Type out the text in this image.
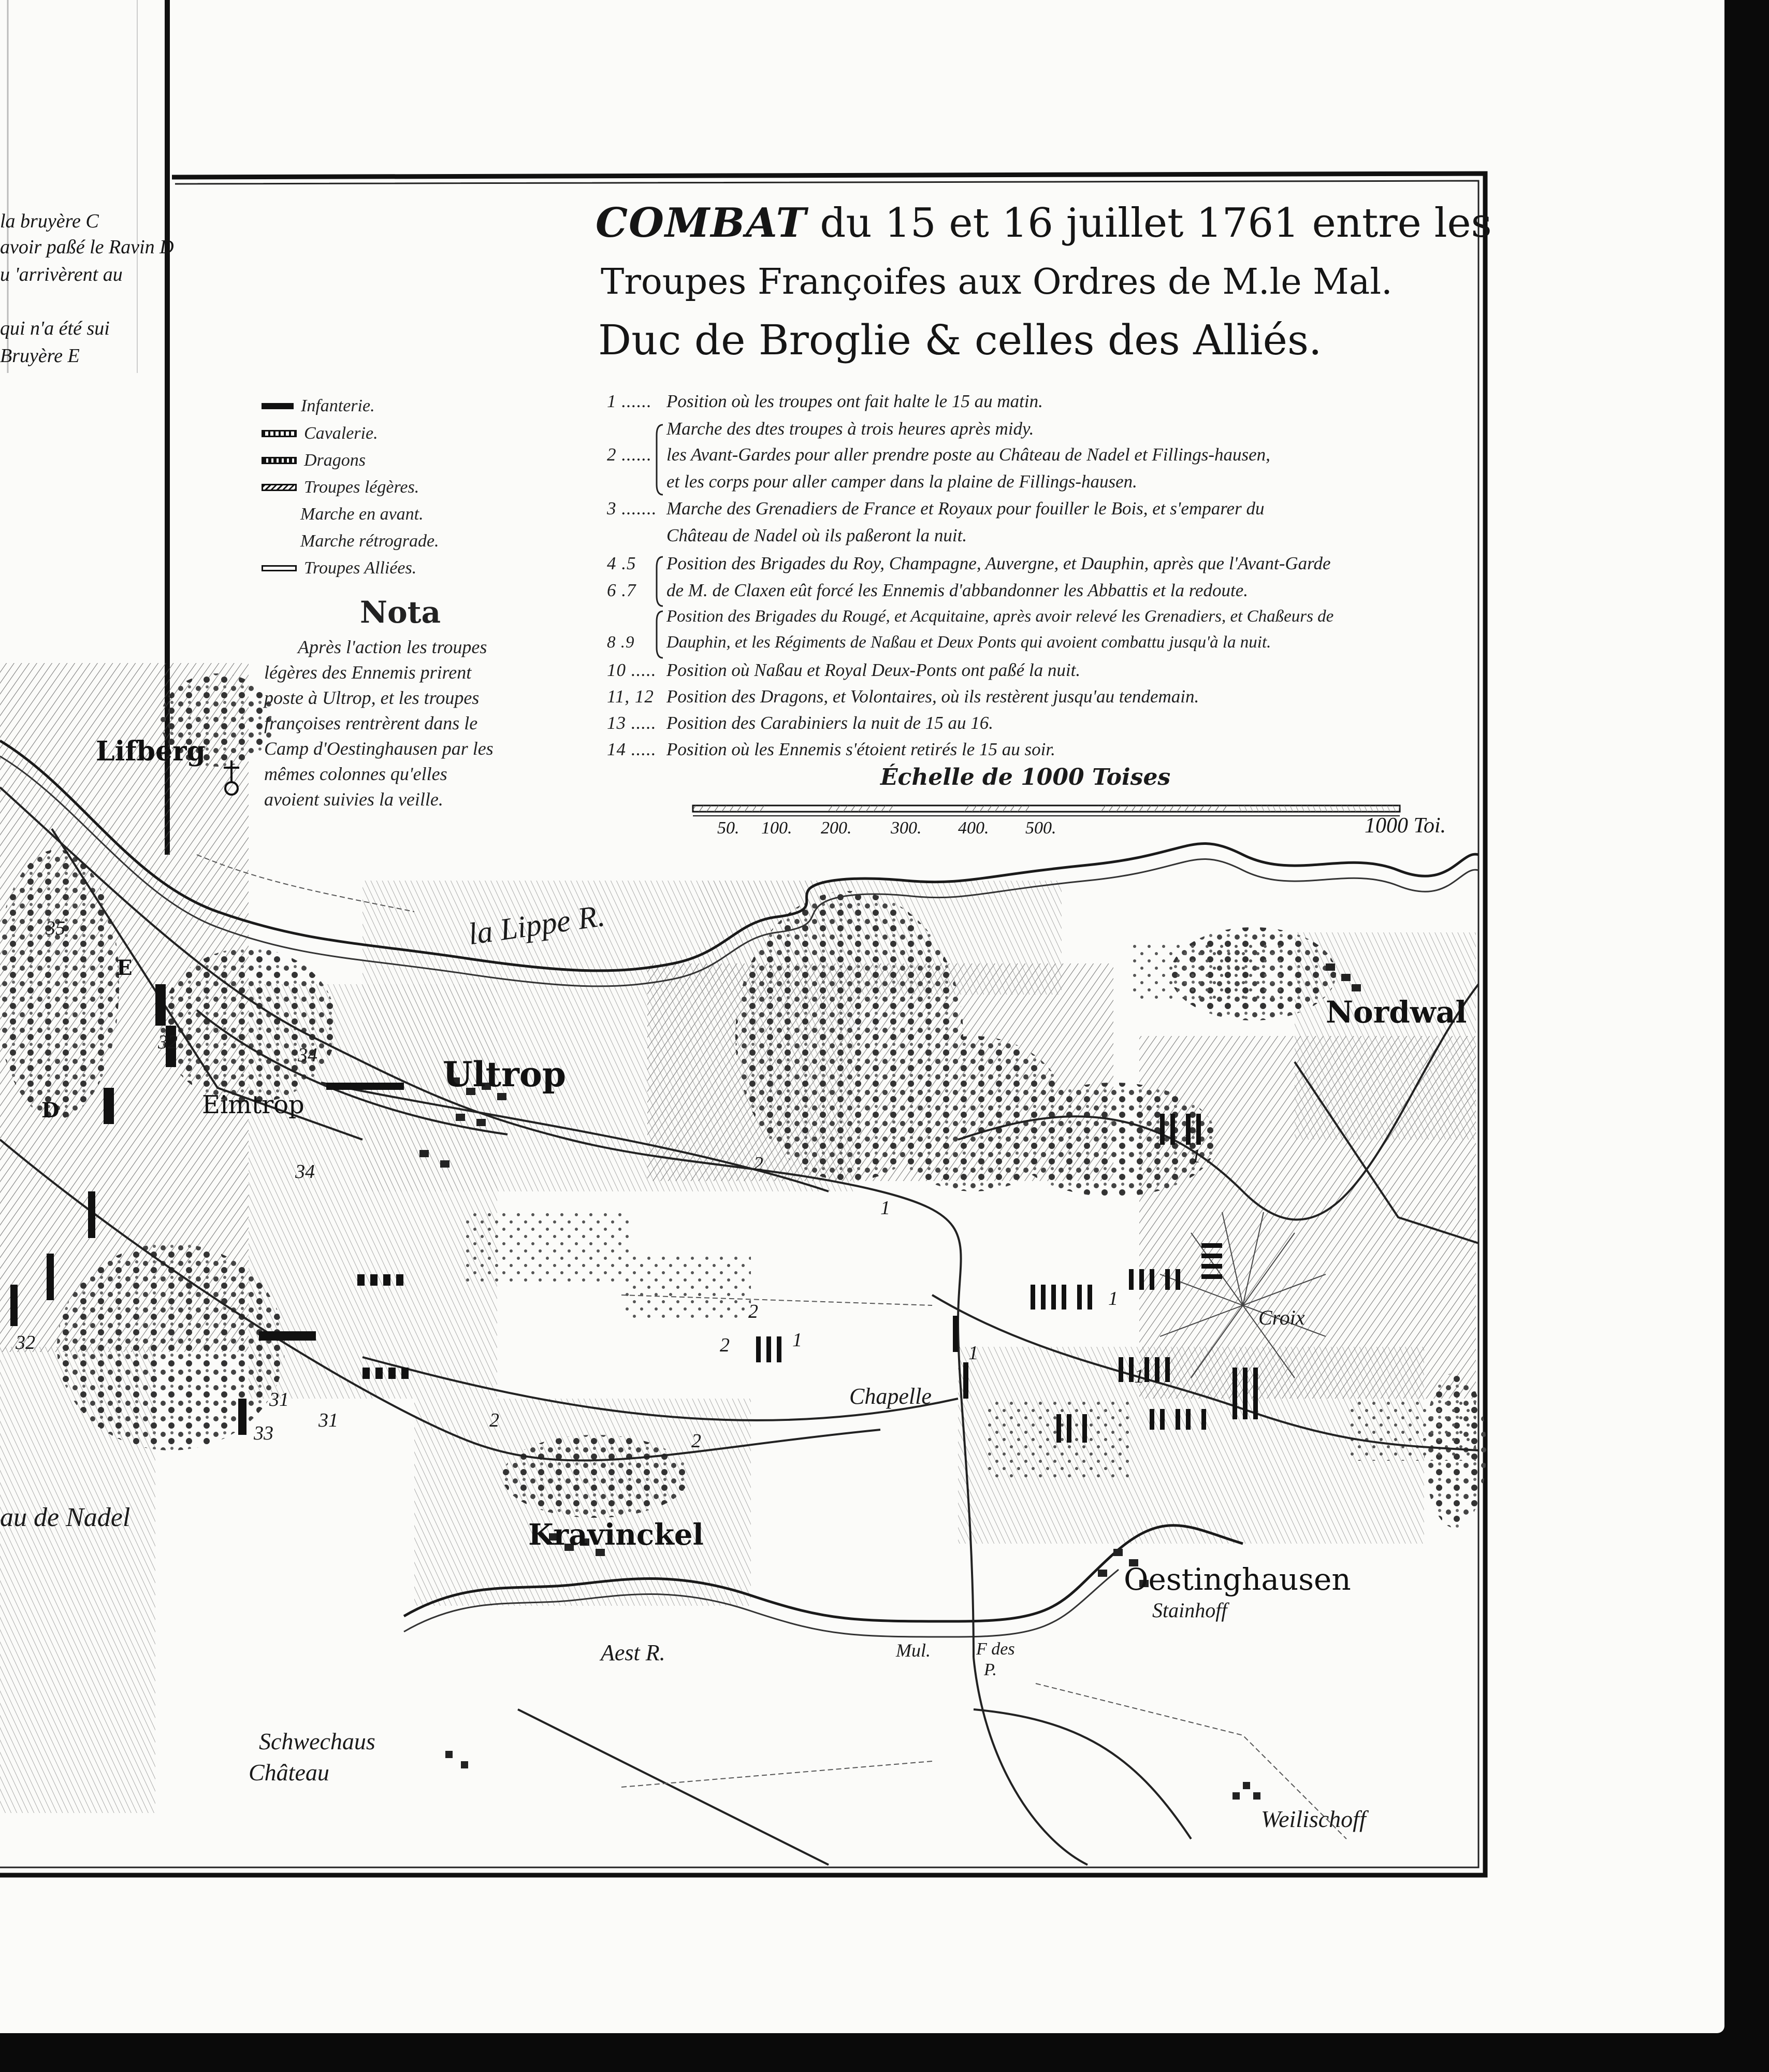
la bruyère C
avoir paßé le Ravin D
u 'arrivèrent au
qui n'a été sui
Bruyère E
COMBAT du 15 et 16 juillet 1761 entre les
Troupes Françoifes aux Ordres de M.le Mal.
Duc de Broglie & celles des Alliés.
Infanterie.
Cavalerie.
Dragons
Troupes légères.
Marche en avant.
Marche rétrograde.
Troupes Alliées.
Nota
Après l'action les troupes
légères des Ennemis prirent
poste à Ultrop, et les troupes
françoises rentrèrent dans le
Camp d'Oestinghausen par les
mêmes colonnes qu'elles
avoient suivies la veille.
1 ...... Position où les troupes ont fait halte le 15 au matin.
Marche des dtes troupes à trois heures après midy.
2 ...... les Avant-Gardes pour aller prendre poste au Château de Nadel et Fillings-hausen,
et les corps pour aller camper dans la plaine de Fillings-hausen.
3 ....... Marche des Grenadiers de France et Royaux pour fouiller le Bois, et s'emparer du
Château de Nadel où ils paßeront la nuit.
4 .5 Position des Brigades du Roy, Champagne, Auvergne, et Dauphin, après que l'Avant-Garde
6 .7 de M. de Claxen eût forcé les Ennemis d'abbandonner les Abbattis et la redoute.
Position des Brigades du Rougé, et Acquitaine, après avoir relevé les Grenadiers, et Chaßeurs de
8 .9 Dauphin, et les Régiments de Naßau et Deux Ponts qui avoient combattu jusqu'à la nuit.
10 ..... Position où Naßau et Royal Deux-Ponts ont paßé la nuit.
11, 12 Position des Dragons, et Volontaires, où ils restèrent jusqu'au tendemain.
13 ..... Position des Carabiniers la nuit de 15 au 16.
14 ..... Position où les Ennemis s'étoient retirés le 15 au soir.
Échelle de 1000 Toises
50. 100. 200. 300. 400. 500.	1000 Toi.
Lifberg
la Lippe R.
Ultrop
Eimtrop
Nordwal
Kravinckel
Oestinghausen
Stainhoff
Chapelle
Croix
Aest R.
au de Nadel
Schwechaus
Château
Weilischoff
Mul.	F des
P.
E
D
35
32
34
34	2
1
1
1
1
1
1
2
2
2
2
31
31
33
32
